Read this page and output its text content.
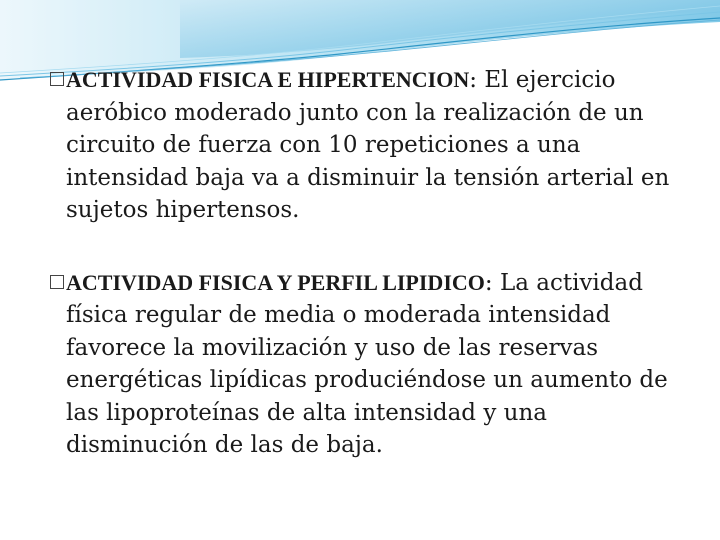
ACTIVIDAD FISICA E HIPERTENCION: El ejercicio aeróbico moderado junto con la realización de un circuito de fuerza con 10 repeticiones a una intensidad baja va a disminuir la tensión arterial en sujetos hipertensos.

ACTIVIDAD FISICA Y PERFIL LIPIDICO: La actividad física regular de media o moderada intensidad favorece la movilización y uso de las reservas energéticas lipídicas produciéndose un aumento de las lipoproteínas de alta intensidad y una disminución de las de baja.
